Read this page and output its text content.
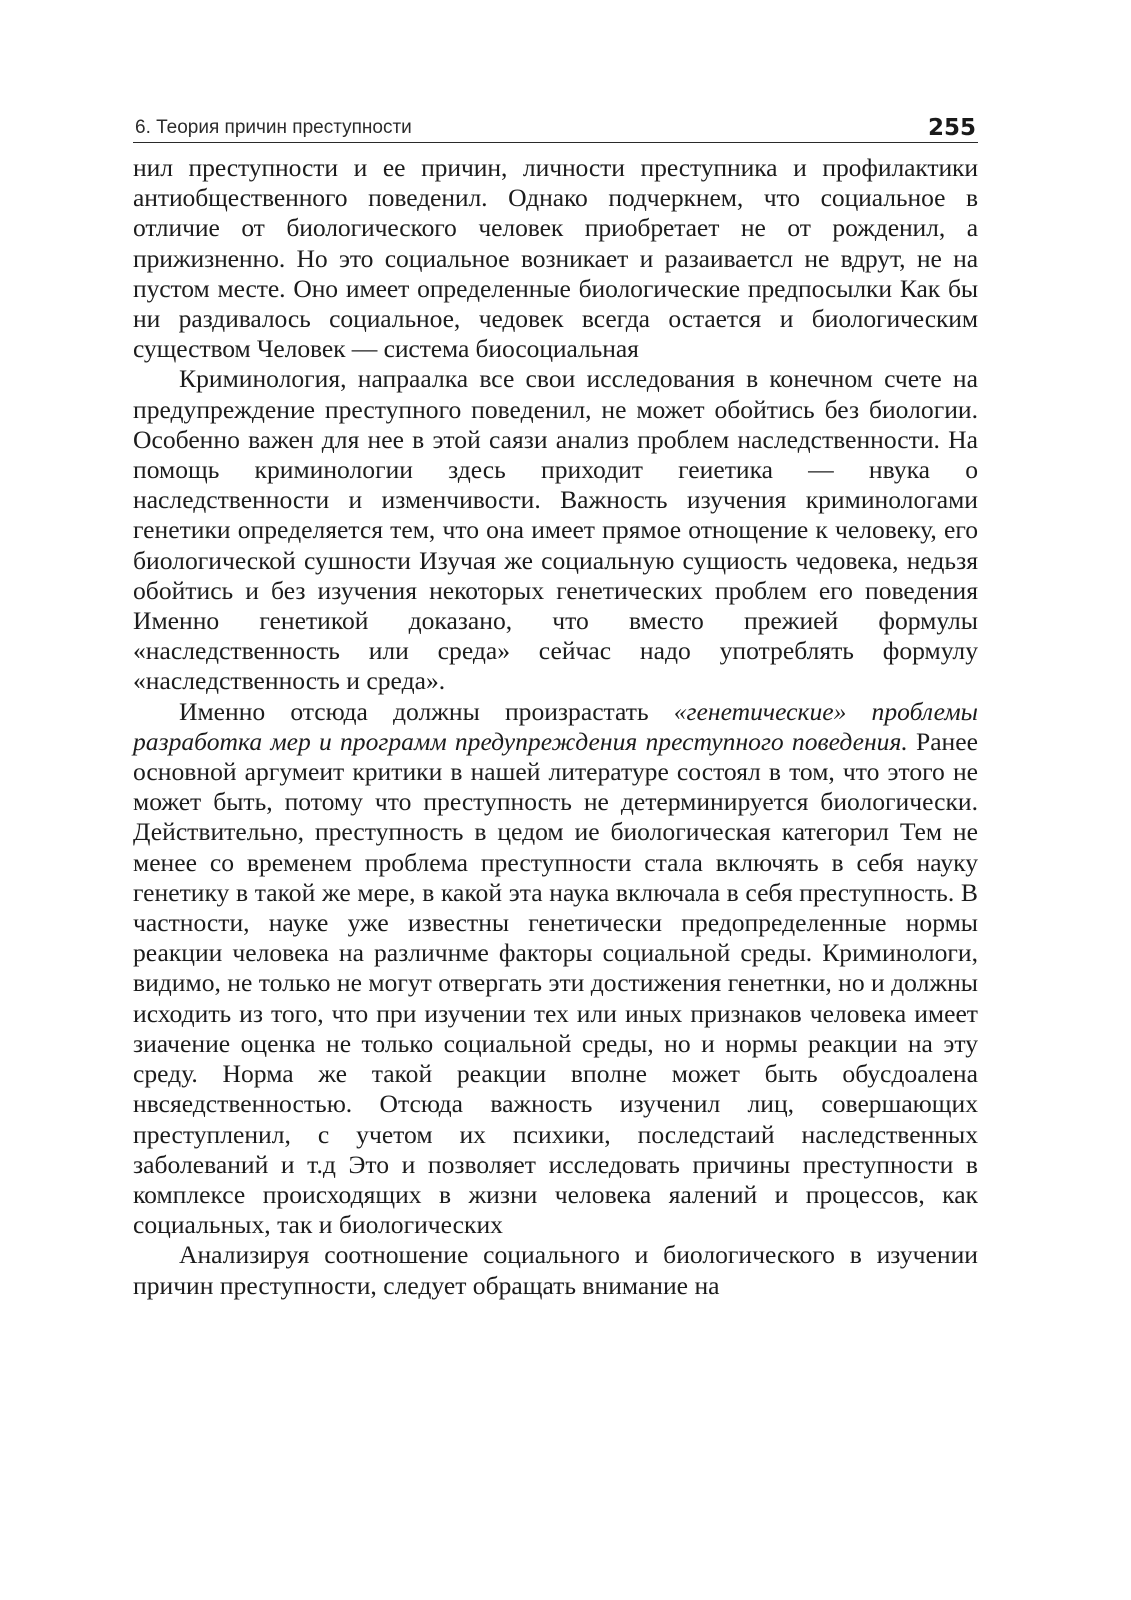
6. Теория причин преступности	255

нил преступности и ее причин, личности преступника и профилактики антиобщественного поведенил. Однако подчеркнем, что социальное в отличие от биологического человек приобретает не от рожденил, а прижизненно. Но это социальное возникает и разаиваетсл не вдрут, не на пустом месте. Оно имеет определенные биологические предпосылки Как бы ни раздивалось социальное, чедовек всегда остается и биологическим существом Человек — система биосоциальная

Криминология, напраалка все свои исследования в конечном счете на предупреждение преступного поведенил, не может обойтись без биологии. Особенно важен для нее в этой саязи анализ проблем наследственности. На помощь криминологии здесь приходит геиетика — нвука о наследственности и изменчивости. Важность изучения криминологами генетики определяется тем, что она имеет прямое отнощение к человеку, его биологической сушности Изучая же социальную сущиость чедовека, недьзя обойтись и без изучения некоторых генетических проблем его поведения Именно генетикой доказано, что вместо прежией формулы «наследственность или среда» сейчас надо употреблять формулу «наследственность и среда».

Именно отсюда должны произрастать «генетические» проблемы разработка мер и программ предупреждения преступного поведения. Ранее основной аргумеит критики в нашей литературе состоял в том, что этого не может быть, потому что преступность не детерминируется биологически. Действительно, преступность в цедом ие биологическая категорил Тем не менее со временем проблема преступности стала включять в себя науку генетику в такой же мере, в какой эта наука включала в себя преступность. В частности, науке уже известны генетически предопределенные нормы реакции человека на различнме факторы социальной среды. Криминологи, видимо, не только не могут отвергать эти достижения генетнки, но и должны исходить из того, что при изучении тех или иных признаков человека имеет зиачение оценка не только социальной среды, но и нормы реакции на эту среду. Норма же такой реакции вполне может быть обусдоалена нвсяедственностью. Отсюда важность изученил лиц, совершающих преступленил, с учетом их психики, последстаий наследственных заболеваний и т.д Это и позволяет исследовать причины преступности в комплексе происходящих в жизни человека яалений и процессов, как социальных, так и биологических

Анализируя соотношение социального и биологического в изучении причин преступности, следует обращать внимание на
